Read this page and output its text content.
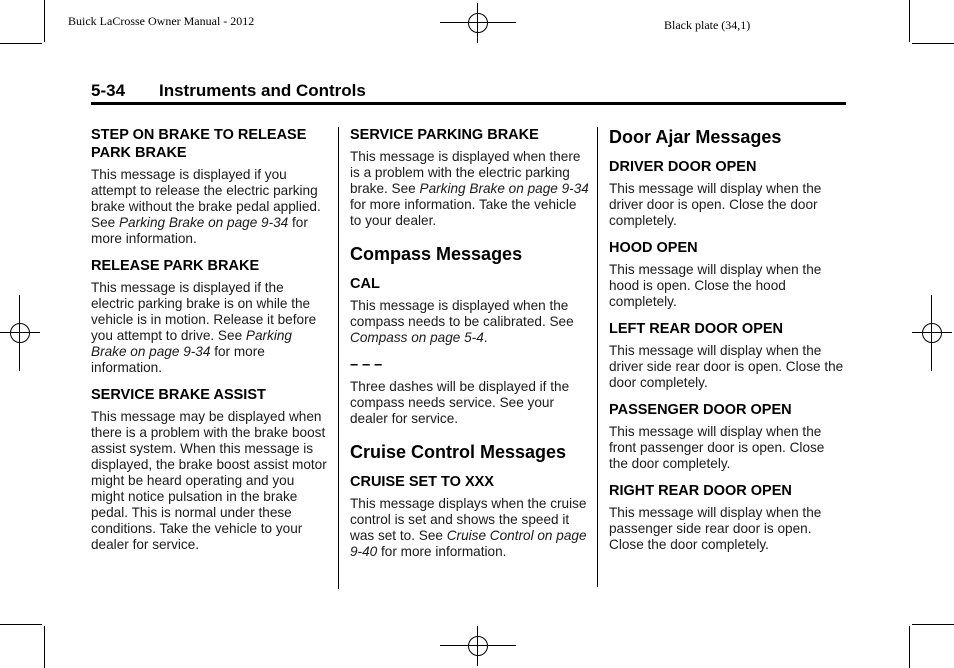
Buick LaCrosse Owner Manual - 2012	Black plate (34,1)
5-34 Instruments and Controls
STEP ON BRAKE TO RELEASE PARK BRAKE

This message is displayed if you attempt to release the electric parking brake without the brake pedal applied. See Parking Brake on page 9-34 for more information.

RELEASE PARK BRAKE

This message is displayed if the electric parking brake is on while the vehicle is in motion. Release it before you attempt to drive. See Parking Brake on page 9-34 for more information.

SERVICE BRAKE ASSIST

This message may be displayed when there is a problem with the brake boost assist system. When this message is displayed, the brake boost assist motor might be heard operating and you might notice pulsation in the brake pedal. This is normal under these conditions. Take the vehicle to your dealer for service.

SERVICE PARKING BRAKE

This message is displayed when there is a problem with the electric parking brake. See Parking Brake on page 9-34 for more information. Take the vehicle to your dealer.

Compass Messages
CAL

This message is displayed when the compass needs to be calibrated. See Compass on page 5-4.

– – –

Three dashes will be displayed if the compass needs service. See your dealer for service.

Cruise Control Messages
CRUISE SET TO XXX

This message displays when the cruise control is set and shows the speed it was set to. See Cruise Control on page 9-40 for more information.

Door Ajar Messages
DRIVER DOOR OPEN

This message will display when the driver door is open. Close the door completely.

HOOD OPEN

This message will display when the hood is open. Close the hood completely.

LEFT REAR DOOR OPEN

This message will display when the driver side rear door is open. Close the door completely.

PASSENGER DOOR OPEN

This message will display when the front passenger door is open. Close the door completely.

RIGHT REAR DOOR OPEN

This message will display when the passenger side rear door is open. Close the door completely.
